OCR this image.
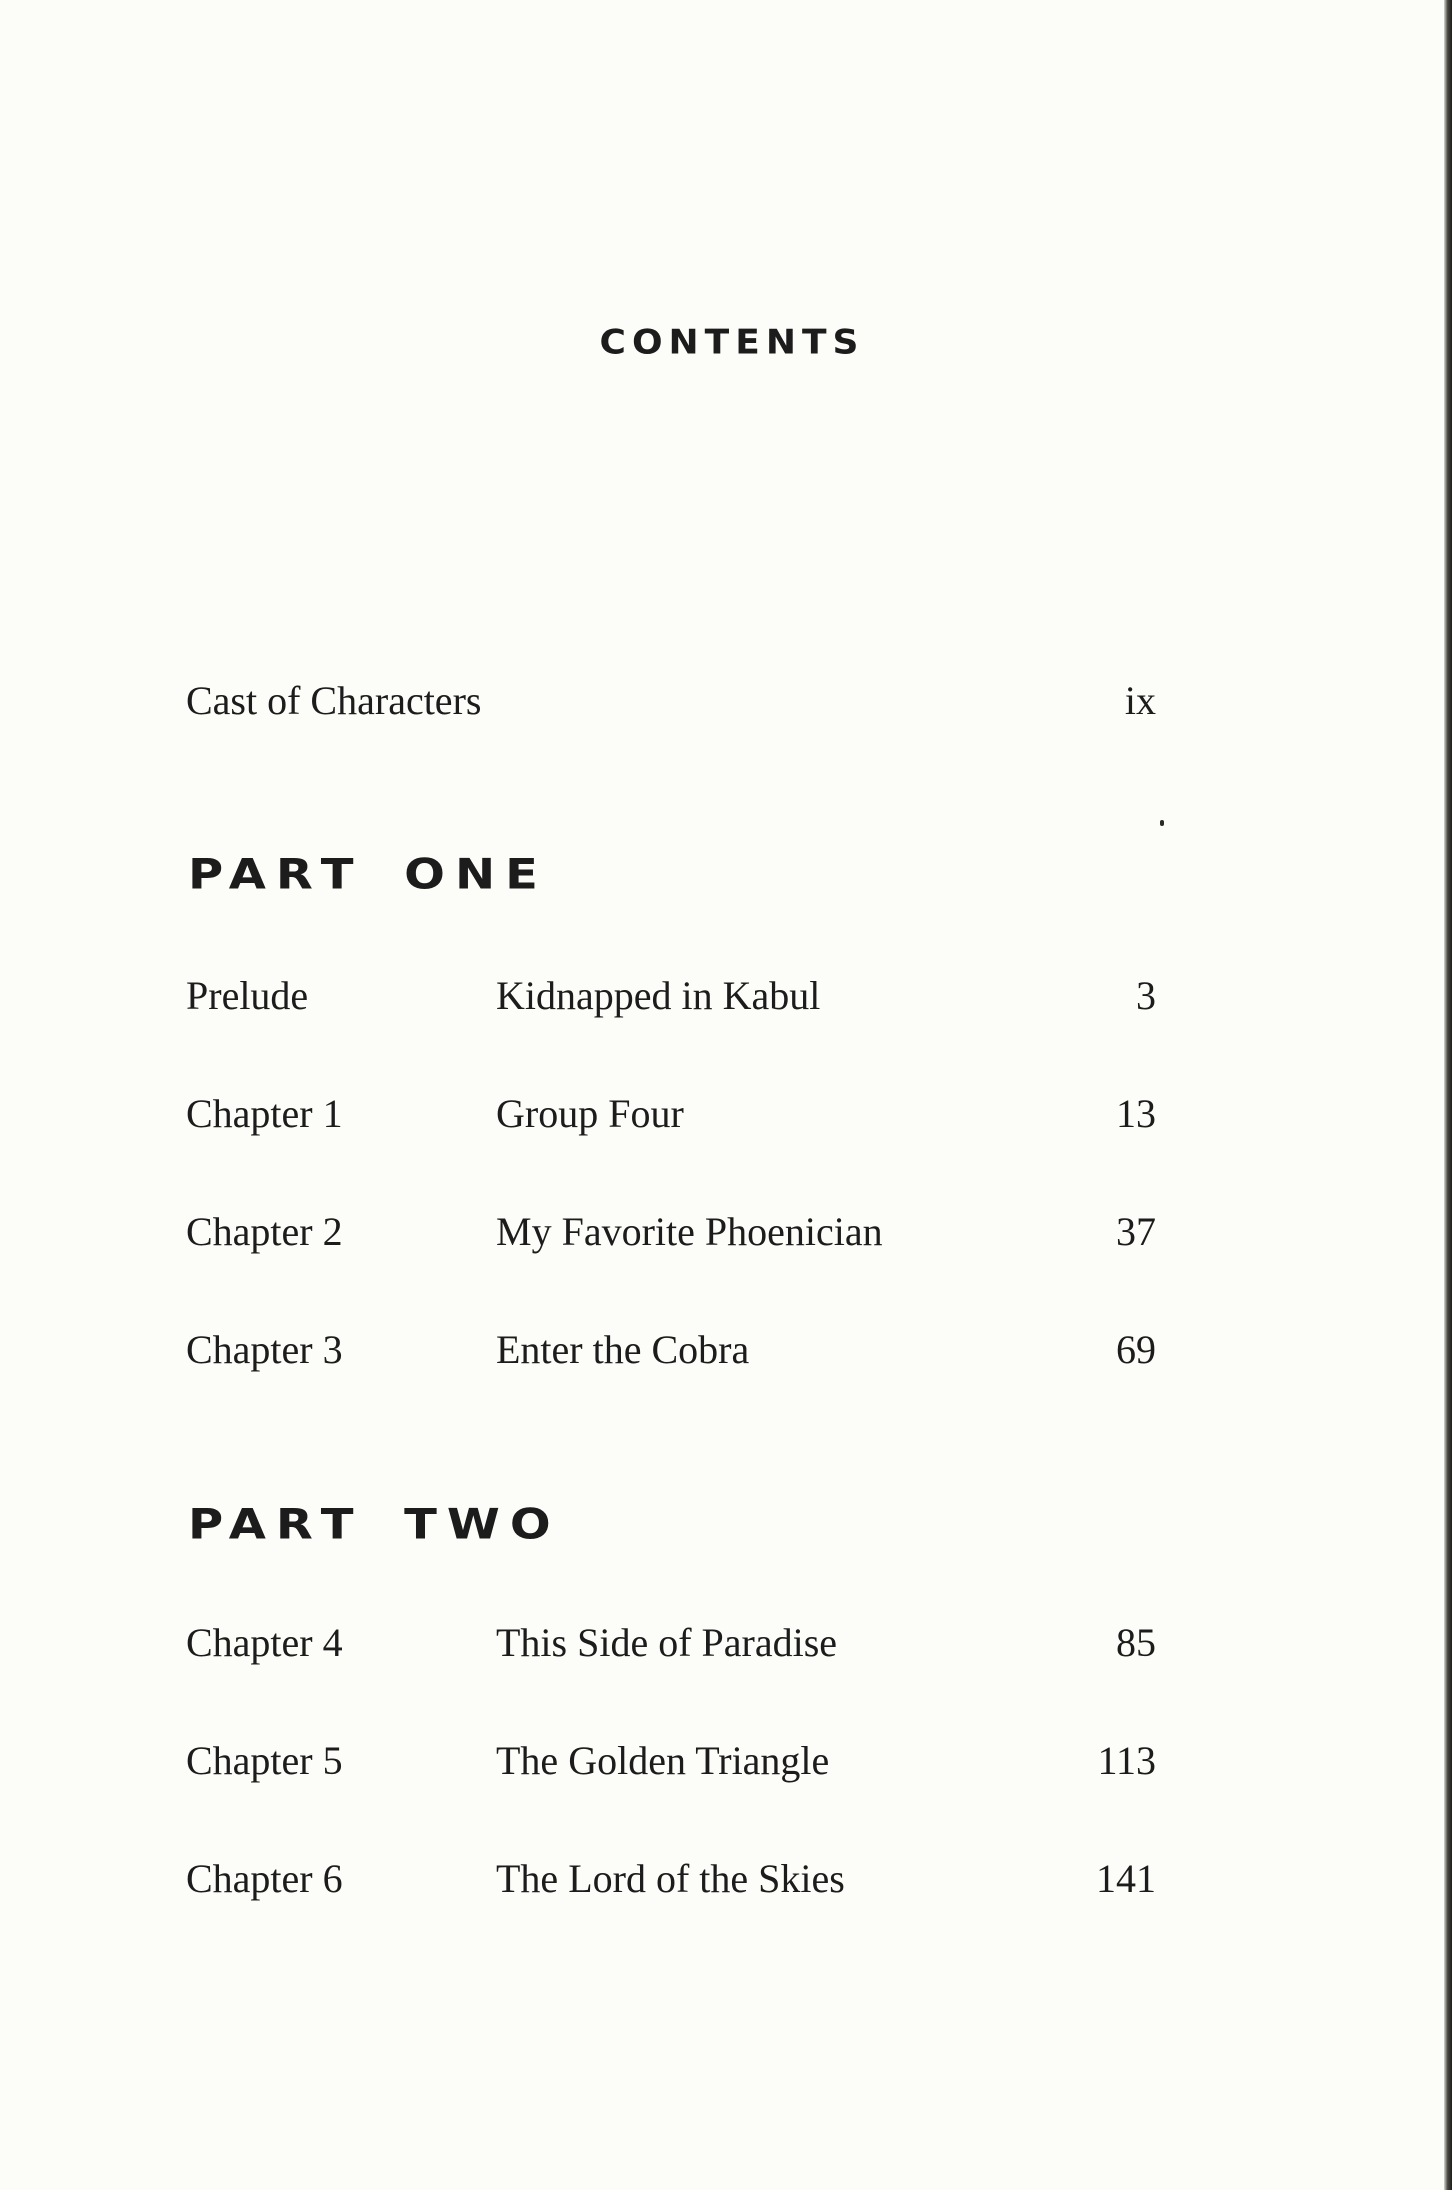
CONTENTS
Cast of Characters	ix
PART ONE
Prelude	Kidnapped in Kabul	3
Chapter 1	Group Four	13
Chapter 2	My Favorite Phoenician	37
Chapter 3	Enter the Cobra	69
PART TWO
Chapter 4	This Side of Paradise	85
Chapter 5	The Golden Triangle	113
Chapter 6	The Lord of the Skies	141
